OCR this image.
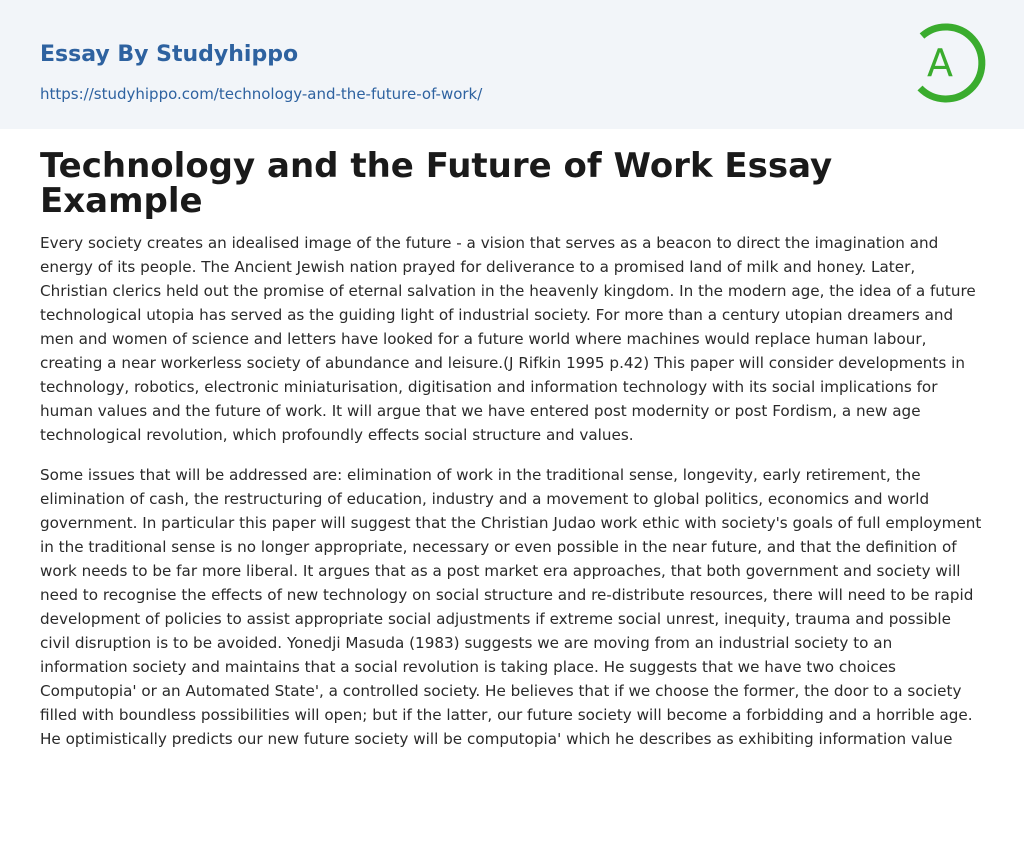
Essay By Studyhippo
https://studyhippo.com/technology-and-the-future-of-work/
A
Technology and the Future of Work Essay Example

Every society creates an idealised image of the future - a vision that serves as a beacon to direct the imagination and energy of its people. The Ancient Jewish nation prayed for deliverance to a promised land of milk and honey. Later, Christian clerics held out the promise of eternal salvation in the heavenly kingdom. In the modern age, the idea of a future technological utopia has served as the guiding light of industrial society. For more than a century utopian dreamers and men and women of science and letters have looked for a future world where machines would replace human labour, creating a near workerless society of abundance and leisure.(J Rifkin 1995 p.42) This paper will consider developments in technology, robotics, electronic miniaturisation, digitisation and information technology with its social implications for human values and the future of work. It will argue that we have entered post modernity or post Fordism, a new age technological revolution, which profoundly effects social structure and values.

Some issues that will be addressed are: elimination of work in the traditional sense, longevity, early retirement, the elimination of cash, the restructuring of education, industry and a movement to global politics, economics and world government. In particular this paper will suggest that the Christian Judao work ethic with society's goals of full employment in the traditional sense is no longer appropriate, necessary or even possible in the near future, and that the definition of work needs to be far more liberal. It argues that as a post market era approaches, that both government and society will need to recognise the effects of new technology on social structure and re-distribute resources, there will need to be rapid development of policies to assist appropriate social adjustments if extreme social unrest, inequity, trauma and possible civil disruption is to be avoided. Yonedji Masuda (1983) suggests we are moving from an industrial society to an information society and maintains that a social revolution is taking place. He suggests that we have two choices Computopia' or an Automated State', a controlled society. He believes that if we choose the former, the door to a society filled with boundless possibilities will open; but if the latter, our future society will become a forbidding and a horrible age. He optimistically predicts our new future society will be computopia' which he describes as exhibiting information value
